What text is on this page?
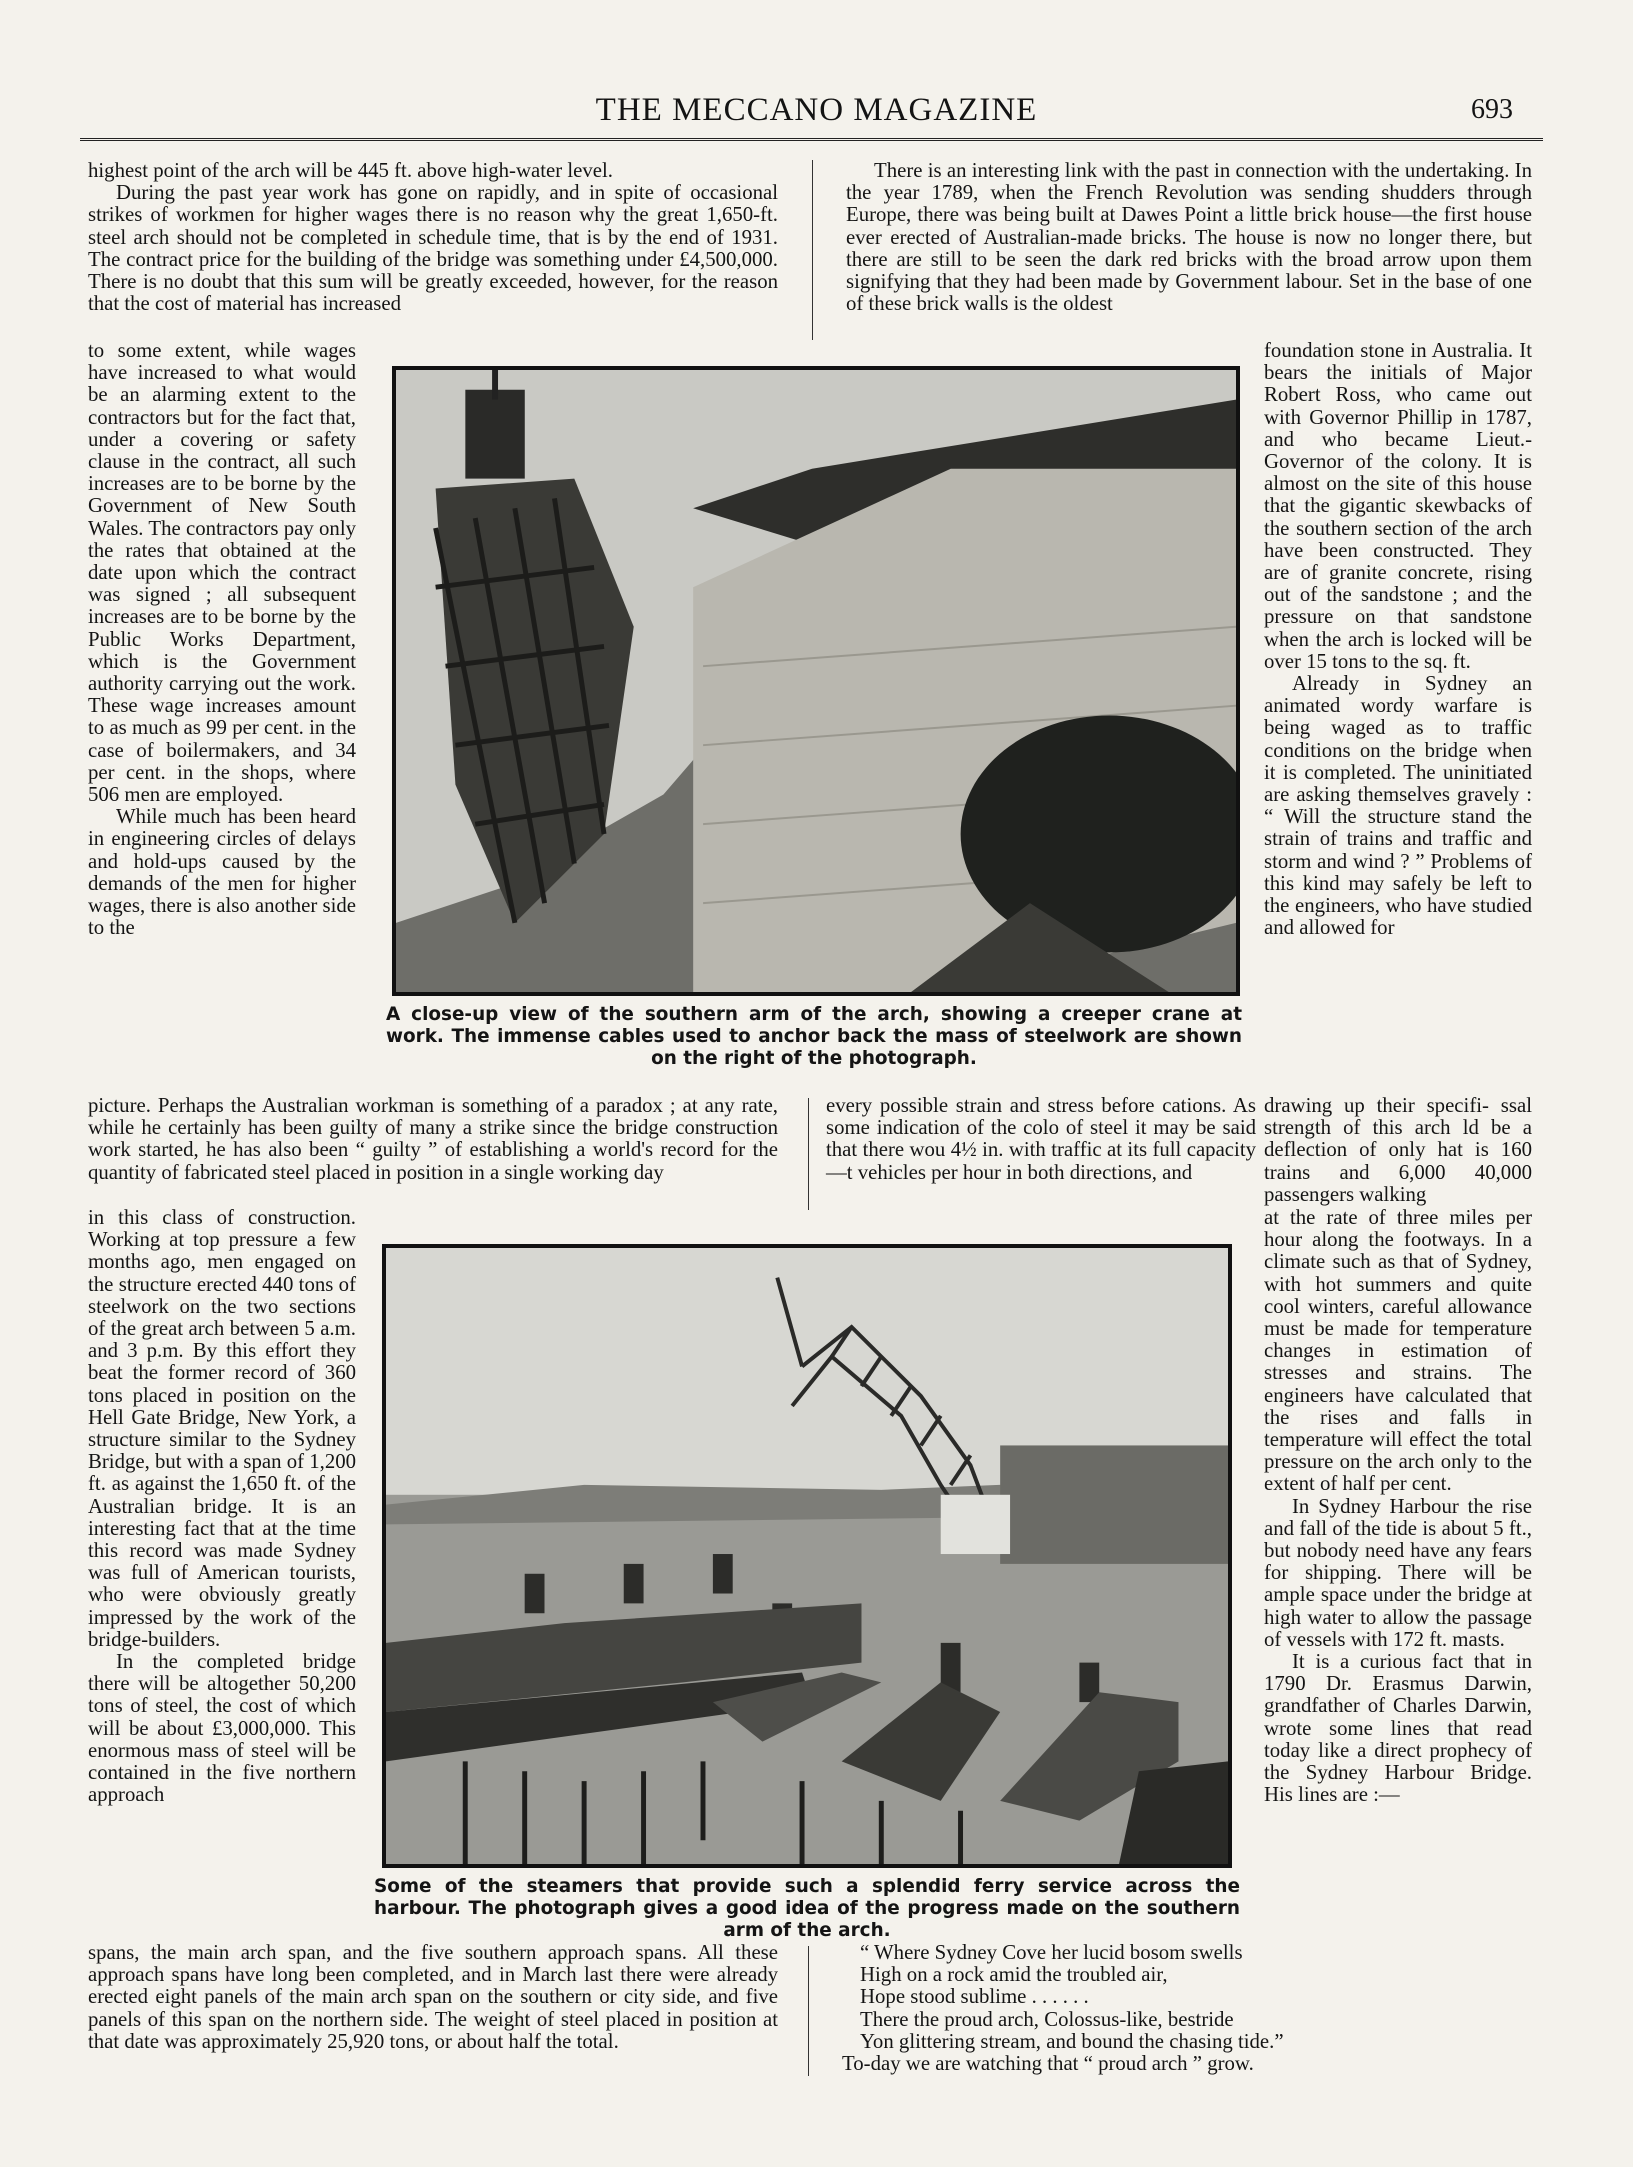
THE MECCANO MAGAZINE	693

highest point of the arch will be 445 ft. above high-water level.

During the past year work has gone on rapidly, and in spite of occasional strikes of workmen for higher wages there is no reason why the great 1,650-ft. steel arch should not be completed in schedule time, that is by the end of 1931. The contract price for the building of the bridge was something under £4,500,000. There is no doubt that this sum will be greatly exceeded, however, for the reason that the cost of material has increased

There is an interesting link with the past in connection with the undertaking. In the year 1789, when the French Revolution was sending shudders through Europe, there was being built at Dawes Point a little brick house—the first house ever erected of Australian-made bricks. The house is now no longer there, but there are still to be seen the dark red bricks with the broad arrow upon them signifying that they had been made by Government labour. Set in the base of one of these brick walls is the oldest

to some extent, while wages have increased to what would be an alarming extent to the contractors but for the fact that, under a covering or safety clause in the contract, all such increases are to be borne by the Government of New South Wales. The contractors pay only the rates that obtained at the date upon which the contract was signed ; all subsequent increases are to be borne by the Public Works Department, which is the Government authority carrying out the work. These wage increases amount to as much as 99 per cent. in the case of boilermakers, and 34 per cent. in the shops, where 506 men are employed.

While much has been heard in engineering circles of delays and hold-ups caused by the demands of the men for higher wages, there is also another side to the

A close-up view of the southern arm of the arch, showing a creeper crane at work. The immense cables used to anchor back the mass of steelwork are shown on the right of the photograph.

foundation stone in Australia. It bears the initials of Major Robert Ross, who came out with Governor Phillip in 1787, and who became Lieut.-Governor of the colony. It is almost on the site of this house that the gigantic skewbacks of the southern section of the arch have been constructed. They are of granite concrete, rising out of the sandstone ; and the pressure on that sandstone when the arch is locked will be over 15 tons to the sq. ft.

Already in Sydney an animated wordy warfare is being waged as to traffic conditions on the bridge when it is completed. The uninitiated are asking themselves gravely : “ Will the structure stand the strain of trains and traffic and storm and wind ? ” Problems of this kind may safely be left to the engineers, who have studied and allowed for

picture. Perhaps the Australian workman is something of a paradox ; at any rate, while he certainly has been guilty of many a strike since the bridge construction work started, he has also been “ guilty ” of establishing a world's record for the quantity of fabricated steel placed in position in a single working day

every possible strain and stress before cations. As some indication of the colo of steel it may be said that there wou 4½ in. with traffic at its full capacity—t vehicles per hour in both directions, and

drawing up their specifi- ssal strength of this arch ld be a deflection of only hat is 160 trains and 6,000 40,000 passengers walking

in this class of construction. Working at top pressure a few months ago, men engaged on the structure erected 440 tons of steelwork on the two sections of the great arch between 5 a.m. and 3 p.m. By this effort they beat the former record of 360 tons placed in position on the Hell Gate Bridge, New York, a structure similar to the Sydney Bridge, but with a span of 1,200 ft. as against the 1,650 ft. of the Australian bridge. It is an interesting fact that at the time this record was made Sydney was full of American tourists, who were obviously greatly impressed by the work of the bridge-builders.

In the completed bridge there will be altogether 50,200 tons of steel, the cost of which will be about £3,000,000. This enormous mass of steel will be contained in the five northern approach

Some of the steamers that provide such a splendid ferry service across the harbour. The photograph gives a good idea of the progress made on the southern arm of the arch.

at the rate of three miles per hour along the footways. In a climate such as that of Sydney, with hot summers and quite cool winters, careful allowance must be made for temperature changes in estimation of stresses and strains. The engineers have calculated that the rises and falls in temperature will effect the total pressure on the arch only to the extent of half per cent.

In Sydney Harbour the rise and fall of the tide is about 5 ft., but nobody need have any fears for shipping. There will be ample space under the bridge at high water to allow the passage of vessels with 172 ft. masts.

It is a curious fact that in 1790 Dr. Erasmus Darwin, grandfather of Charles Darwin, wrote some lines that read today like a direct prophecy of the Sydney Harbour Bridge. His lines are :—

spans, the main arch span, and the five southern approach spans. All these approach spans have long been completed, and in March last there were already erected eight panels of the main arch span on the southern or city side, and five panels of this span on the northern side. The weight of steel placed in position at that date was approximately 25,920 tons, or about half the total.

“ Where Sydney Cove her lucid bosom swells

High on a rock amid the troubled air,

Hope stood sublime . . . . . .

There the proud arch, Colossus-like, bestride

Yon glittering stream, and bound the chasing tide.”

To-day we are watching that “ proud arch ” grow.
